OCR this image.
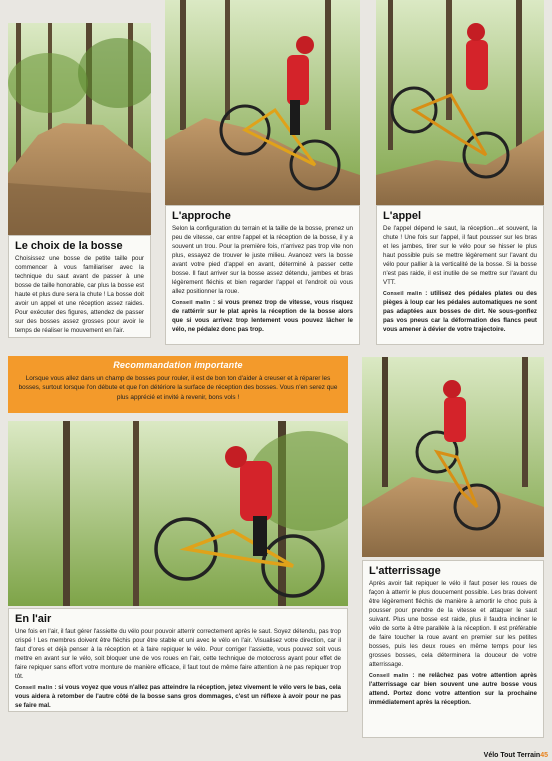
Le choix de la bosse

Choisissez une bosse de petite taille pour commencer à vous familiariser avec la technique du saut avant de passer à une bosse de taille honorable, car plus la bosse est haute et plus dure sera la chute ! La bosse doit avoir un appel et une réception assez raides. Pour exécuter des figures, attendez de passer sur des bosses assez grosses pour avoir le temps de réaliser le mouvement en l'air.

L'approche

Selon la configuration du terrain et la taille de la bosse, prenez un peu de vitesse, car entre l'appel et la réception de la bosse, il y a souvent un trou. Pour la première fois, n'arrivez pas trop vite non plus, essayez de trouver le juste milieu. Avancez vers la bosse avant votre pied d'appel en avant, déterminé à passer cette bosse. Il faut arriver sur la bosse assez détendu, jambes et bras légèrement fléchis et bien regarder l'appel et l'endroit où vous allez positionner la roue.

Conseil malin : si vous prenez trop de vitesse, vous risquez de rattérrir sur le plat après la réception de la bosse alors que si vous arrivez trop lentement vous pouvez lâcher le vélo, ne pédalez donc pas trop.
L'appel

De l'appel dépend le saut, la réception...et souvent, la chute ! Une fois sur l'appel, il faut pousser sur les bras et les jambes, tirer sur le vélo pour se hisser le plus haut possible puis se mettre légèrement sur l'avant du vélo pour pallier à la verticalité de la bosse. Si la bosse n'est pas raide, il est inutile de se mettre sur l'avant du VTT.

Conseil malin : utilisez des pédales plates ou des pièges à loup car les pédales automatiques ne sont pas adaptées aux bosses de dirt. Ne sous-gonflez pas vos pneus car la déformation des flancs peut vous amener à dévier de votre trajectoire.
Recommandation importante
Lorsque vous allez dans un champ de bosses pour rouler, il est de bon ton d'aider à creuser et à réparer les bosses, surtout lorsque l'on débute et que l'on détériore la surface de réception des bosses. Vous n'en serez que plus apprécié et invité à revenir, bons vols !
En l'air

Une fois en l'air, il faut gérer l'assiette du vélo pour pouvoir atterrir correctement après le saut. Soyez détendu, pas trop crispé ! Les membres doivent être fléchis pour être stable et uni avec le vélo en l'air. Visualisez votre direction, car il faut d'ores et déjà penser à la réception et à faire repiquer le vélo. Pour corriger l'assiette, vous pouvez soit vous mettre en avant sur le vélo, soit bloquer une de vos roues en l'air, cette technique de motocross ayant pour effet de faire repiquer sans effort votre monture de manière efficace, il faut tout de même faire attention à ne pas repiquer trop tôt.

Conseil malin : si vous voyez que vous n'allez pas atteindre la réception, jetez vivement le vélo vers le bas, cela vous aidera à retomber de l'autre côté de la bosse sans gros dommages, c'est un réflexe à avoir pour ne pas se faire mal.
L'atterrissage

Après avoir fait repiquer le vélo il faut poser les roues de façon à atterrir le plus doucement possible. Les bras doivent être légèrement fléchis de manière à amortir le choc puis à pousser pour prendre de la vitesse et attaquer le saut suivant. Plus une bosse est raide, plus il faudra incliner le vélo de sorte à être parallèle à la réception. Il est préférable de faire toucher la roue avant en premier sur les petites bosses, puis les deux roues en même temps pour les grosses bosses, cela déterminera la douceur de votre atterrissage.

Conseil malin : ne relâchez pas votre attention après l'atterrissage car bien souvent une autre bosse vous attend. Portez donc votre attention sur la prochaine immédiatement après la réception.
Vélo Tout Terrain45
